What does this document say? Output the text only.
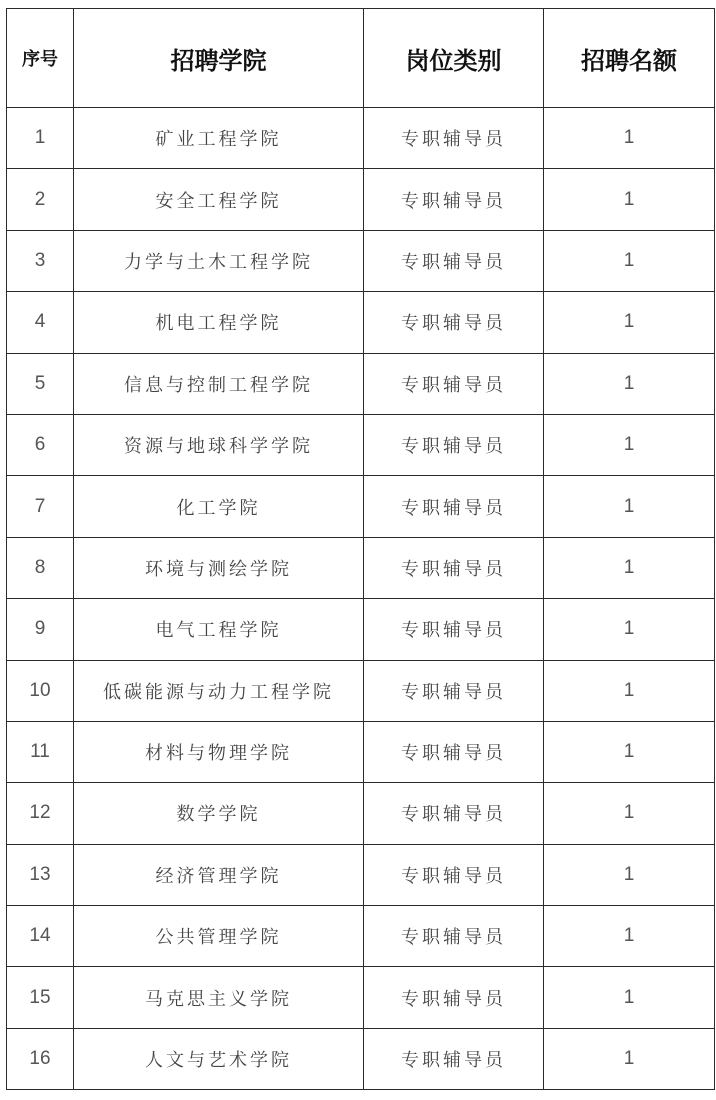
序号	招聘学院	岗位类别	招聘名额
1	矿业工程学院	专职辅导员	1
2	安全工程学院	专职辅导员	1
3	力学与土木工程学院	专职辅导员	1
4	机电工程学院	专职辅导员	1
5	信息与控制工程学院	专职辅导员	1
6	资源与地球科学学院	专职辅导员	1
7	化工学院	专职辅导员	1
8	环境与测绘学院	专职辅导员	1
9	电气工程学院	专职辅导员	1
10	低碳能源与动力工程学院	专职辅导员	1
11	材料与物理学院	专职辅导员	1
12	数学学院	专职辅导员	1
13	经济管理学院	专职辅导员	1
14	公共管理学院	专职辅导员	1
15	马克思主义学院	专职辅导员	1
16	人文与艺术学院	专职辅导员	1
